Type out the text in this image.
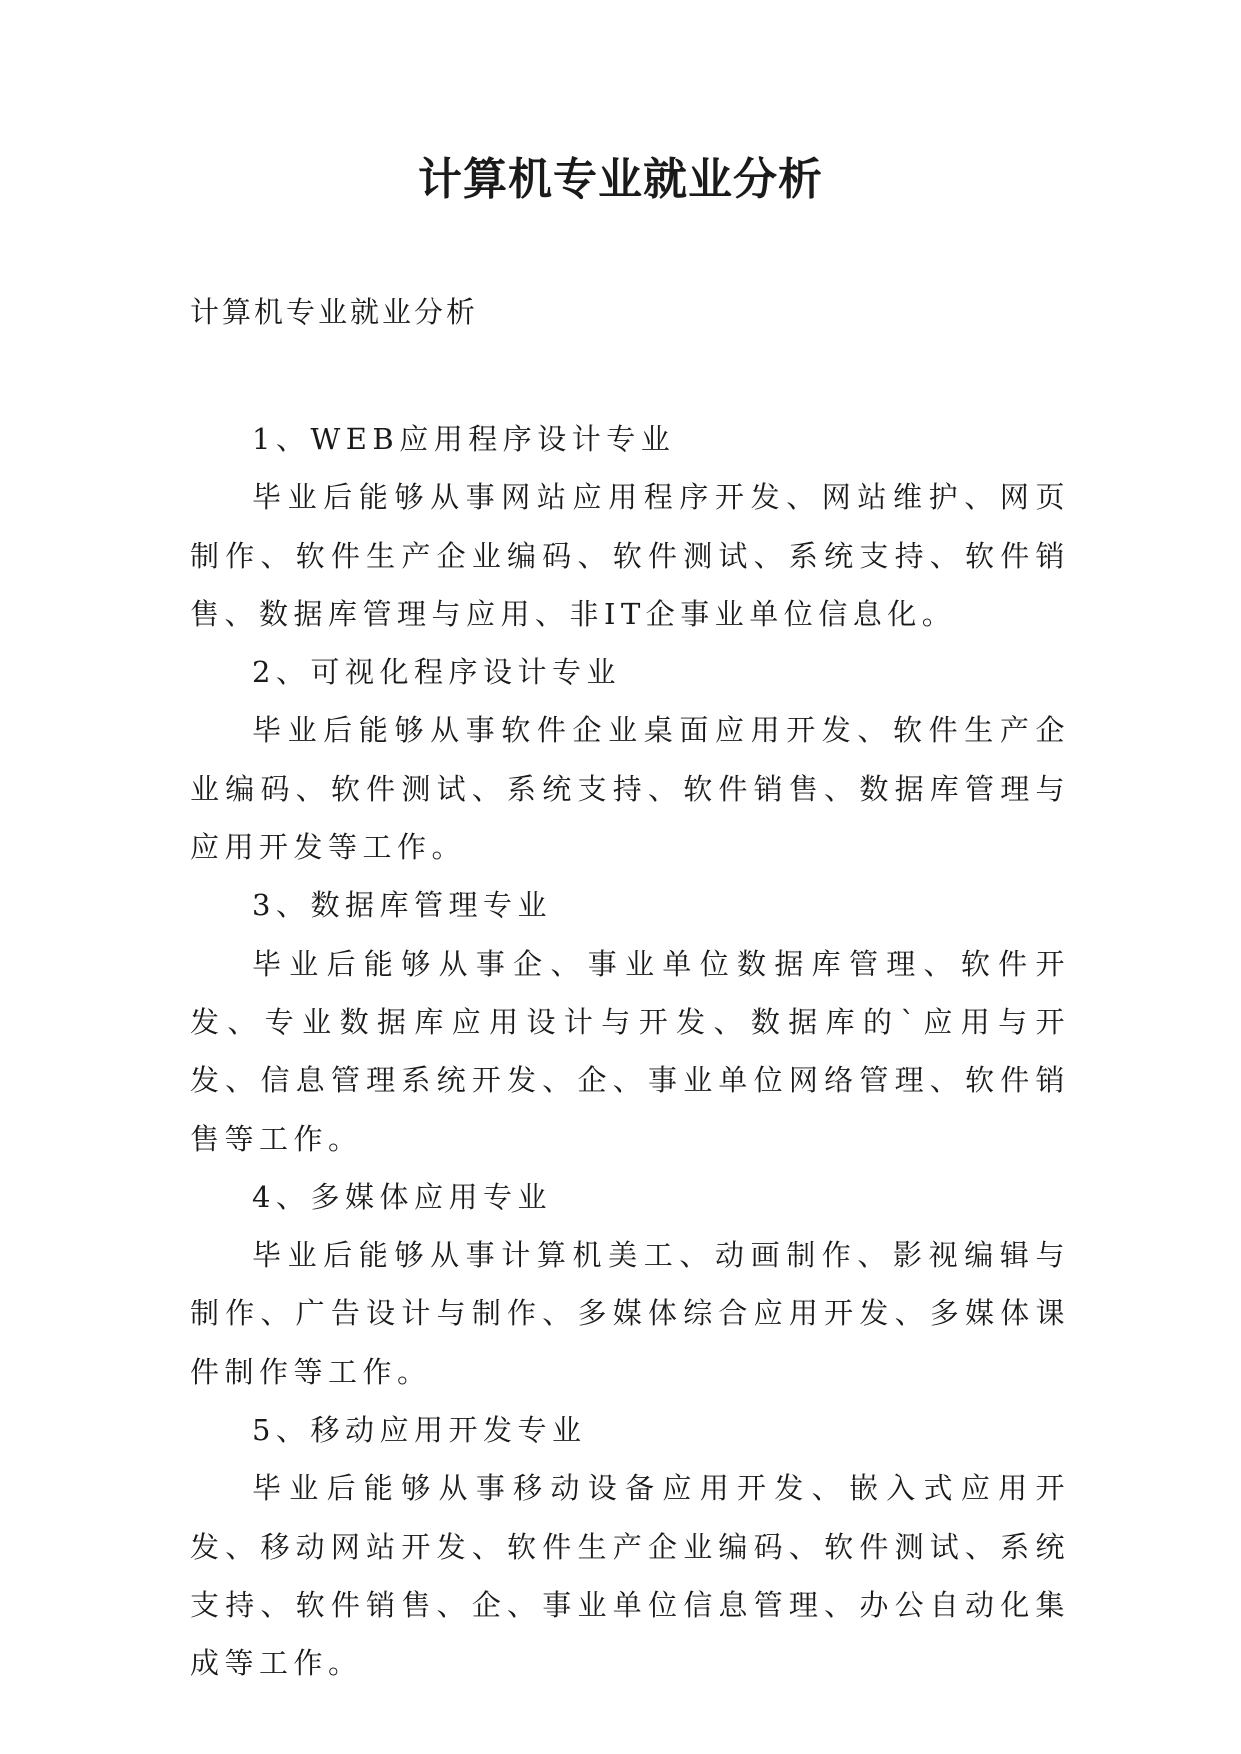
计算机专业就业分析
计算机专业就业分析

1、WEB应用程序设计专业

毕业后能够从事网站应用程序开发、网站维护、网页制作、软件生产企业编码、软件测试、系统支持、软件销售、数据库管理与应用、非IT企事业单位信息化。

2、可视化程序设计专业

毕业后能够从事软件企业桌面应用开发、软件生产企业编码、软件测试、系统支持、软件销售、数据库管理与应用开发等工作。

3、数据库管理专业

毕业后能够从事企、事业单位数据库管理、软件开发、专业数据库应用设计与开发、数据库的`应用与开发、信息管理系统开发、企、事业单位网络管理、软件销售等工作。

4、多媒体应用专业

毕业后能够从事计算机美工、动画制作、影视编辑与制作、广告设计与制作、多媒体综合应用开发、多媒体课件制作等工作。

5、移动应用开发专业

毕业后能够从事移动设备应用开发、嵌入式应用开发、移动网站开发、软件生产企业编码、软件测试、系统支持、软件销售、企、事业单位信息管理、办公自动化集成等工作。
